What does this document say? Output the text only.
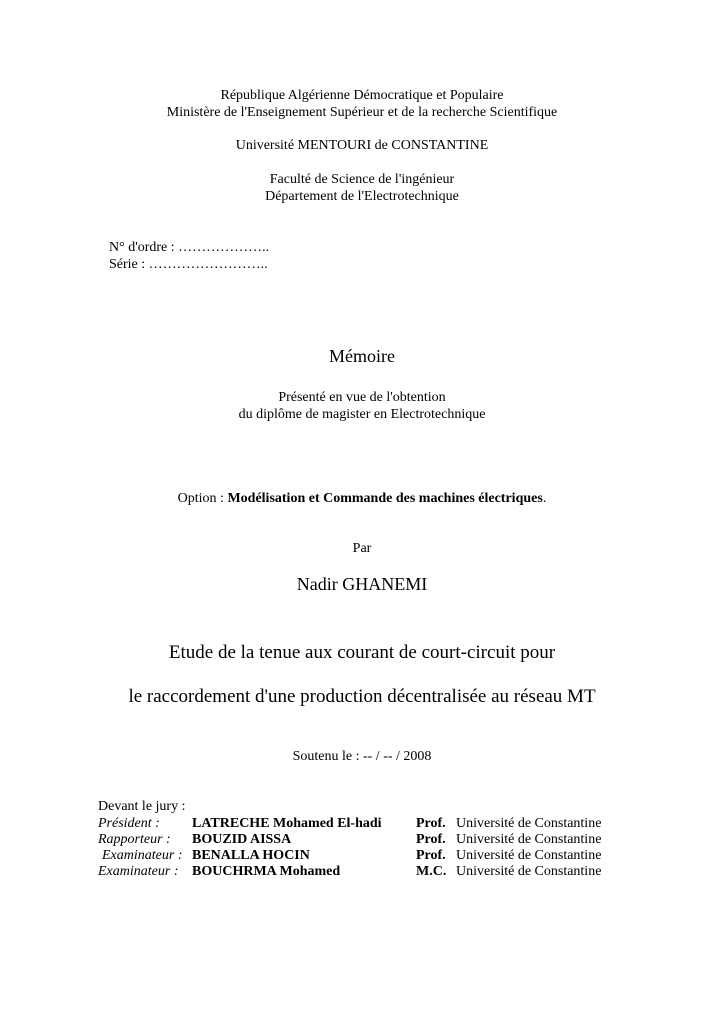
République Algérienne Démocratique et Populaire
Ministère de l'Enseignement Supérieur et de la recherche Scientifique
Université MENTOURI de CONSTANTINE
Faculté de Science de l'ingénieur
Département de l'Electrotechnique
N° d'ordre : ………………..
Série : ……………………..
Mémoire
Présenté en vue de l'obtention
du diplôme de magister en Electrotechnique
Option : Modélisation et Commande des machines électriques.
Par
Nadir GHANEMI
Etude de la tenue aux courant de court-circuit pour
le raccordement d'une production décentralisée au réseau MT
Soutenu le : -- / -- / 2008
Devant le jury :
Président : LATRECHE Mohamed El-hadi Prof. Université de Constantine
Rapporteur : BOUZID AISSA	Prof. Université de Constantine
Examinateur : BENALLA HOCIN	Prof. Université de Constantine
Examinateur : BOUCHRMA Mohamed	M.C. Université de Constantine
